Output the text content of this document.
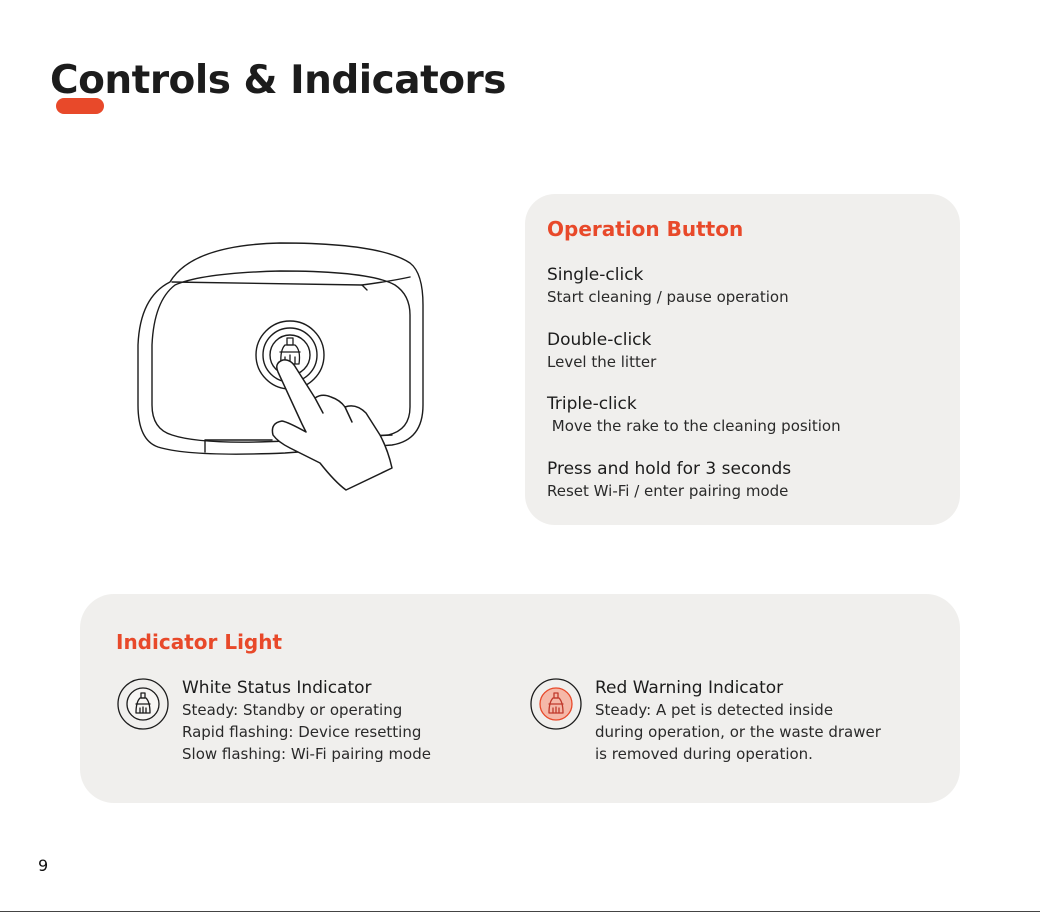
Controls & Indicators
Operation Button
Single-click
Start cleaning / pause operation
Double-click
Level the litter
Triple-click
Move the rake to the cleaning position
Press and hold for 3 seconds
Reset Wi-Fi / enter pairing mode
Indicator Light
White Status Indicator
Steady: Standby or operating
Rapid flashing: Device resetting
Slow flashing: Wi-Fi pairing mode
Red Warning Indicator
Steady: A pet is detected inside
during operation, or the waste drawer
is removed during operation.
9
